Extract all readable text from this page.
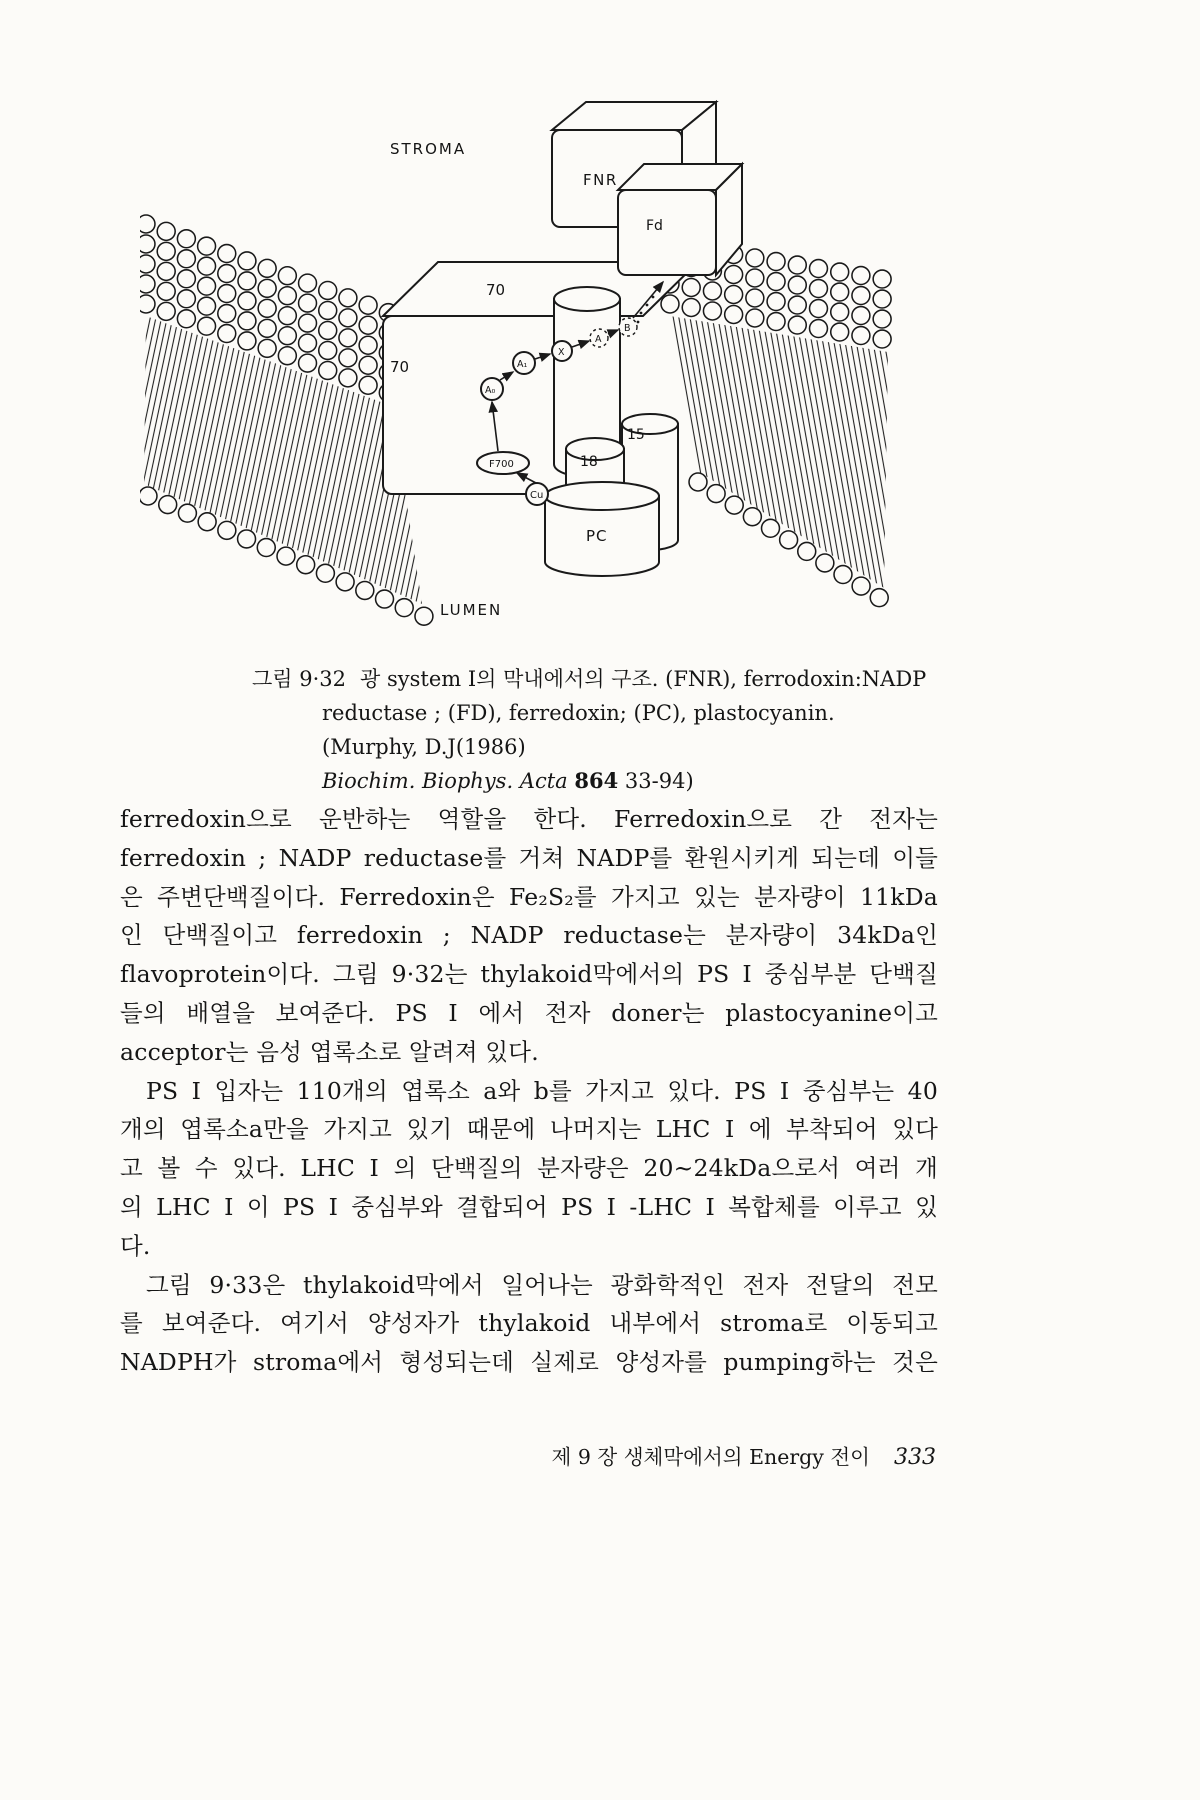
STROMA
LUMEN
FNR
Fd
70
70
15
18
PC
F700
Cu
A₀
A₁
X
A
B
그림 9·32 광 system I의 막내에서의 구조. (FNR), ferrodoxin:NADP
reductase ; (FD), ferredoxin; (PC), plastocyanin. (Murphy, D.J(1986)
Biochim. Biophys. Acta 864 33-94)
ferredoxin으로 운반하는 역할을 한다. Ferredoxin으로 간 전자는
ferredoxin ; NADP reductase를 거쳐 NADP를 환원시키게 되는데 이들
은 주변단백질이다. Ferredoxin은 Fe₂S₂를 가지고 있는 분자량이 11kDa
인 단백질이고 ferredoxin ; NADP reductase는 분자량이 34kDa인
flavoprotein이다. 그림 9·32는 thylakoid막에서의 PS I 중심부분 단백질
들의 배열을 보여준다. PS I 에서 전자 doner는 plastocyanine이고
acceptor는 음성 엽록소로 알려져 있다.
PS I 입자는 110개의 엽록소 a와 b를 가지고 있다. PS I 중심부는 40
개의 엽록소a만을 가지고 있기 때문에 나머지는 LHC I 에 부착되어 있다
고 볼 수 있다. LHC I 의 단백질의 분자량은 20~24kDa으로서 여러 개
의 LHC I 이 PS I 중심부와 결합되어 PS I -LHC I 복합체를 이루고 있
다.
그림 9·33은 thylakoid막에서 일어나는 광화학적인 전자 전달의 전모
를 보여준다. 여기서 양성자가 thylakoid 내부에서 stroma로 이동되고
NADPH가 stroma에서 형성되는데 실제로 양성자를 pumping하는 것은
제 9 장 생체막에서의 Energy 전이 333
